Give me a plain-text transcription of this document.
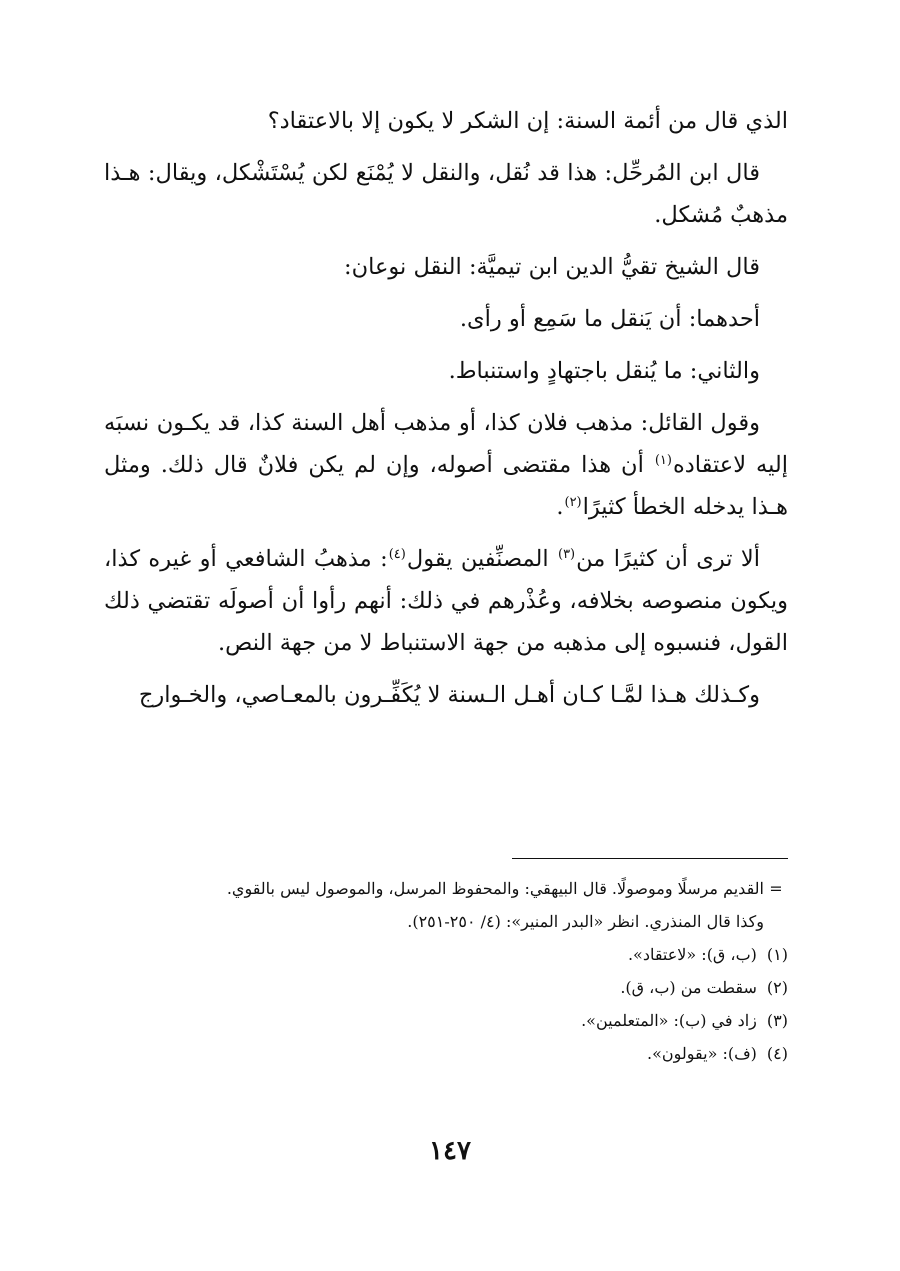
الذي قال من أئمة السنة: إن الشكر لا يكون إلا بالاعتقاد؟

قال ابن المُرحِّل: هذا قد نُقل، والنقل لا يُمْنَع لكن يُسْتَشْكل، ويقال: هـذا مذهبٌ مُشكل.

قال الشيخ تقيُّ الدين ابن تيميَّة: النقل نوعان:

أحدهما: أن يَنقل ما سَمِع أو رأى.

والثاني: ما يُنقل باجتهادٍ واستنباط.

وقول القائل: مذهب فلان كذا، أو مذهب أهل السنة كذا، قد يكـون نسبَه إليه لاعتقاده$^{(١)}$ أن هذا مقتضى أصوله، وإن لم يكن فلانٌ قال ذلك. ومثل هـذا يدخله الخطأ كثيرًا$^{(٢)}$.

ألا ترى أن كثيرًا من$^{(٣)}$ المصنِّفين يقول$^{(٤)}$: مذهبُ الشافعي أو غيره كذا، ويكون منصوصه بخلافه، وعُذْرهم في ذلك: أنهم رأوا أن أصولَه تقتضي ذلك القول، فنسبوه إلى مذهبه من جهة الاستنباط لا من جهة النص.

وكـذلك هـذا لمَّـا كـان أهـل الـسنة لا يُكَفِّـرون بالمعـاصي، والخـوارج

=
القديم مرسلًا وموصولًا. قال البيهقي: والمحفوظ المرسل، والموصول ليس بالقوي.
وكذا قال المنذري. انظر «البدر المنير»: (٤/ ٢٥٠-٢٥١).
(١)
(ب، ق): «لاعتقاد».
(٢)
سقطت من (ب، ق).
(٣)
زاد في (ب): «المتعلمين».
(٤)
(ف): «يقولون».
١٤٧
